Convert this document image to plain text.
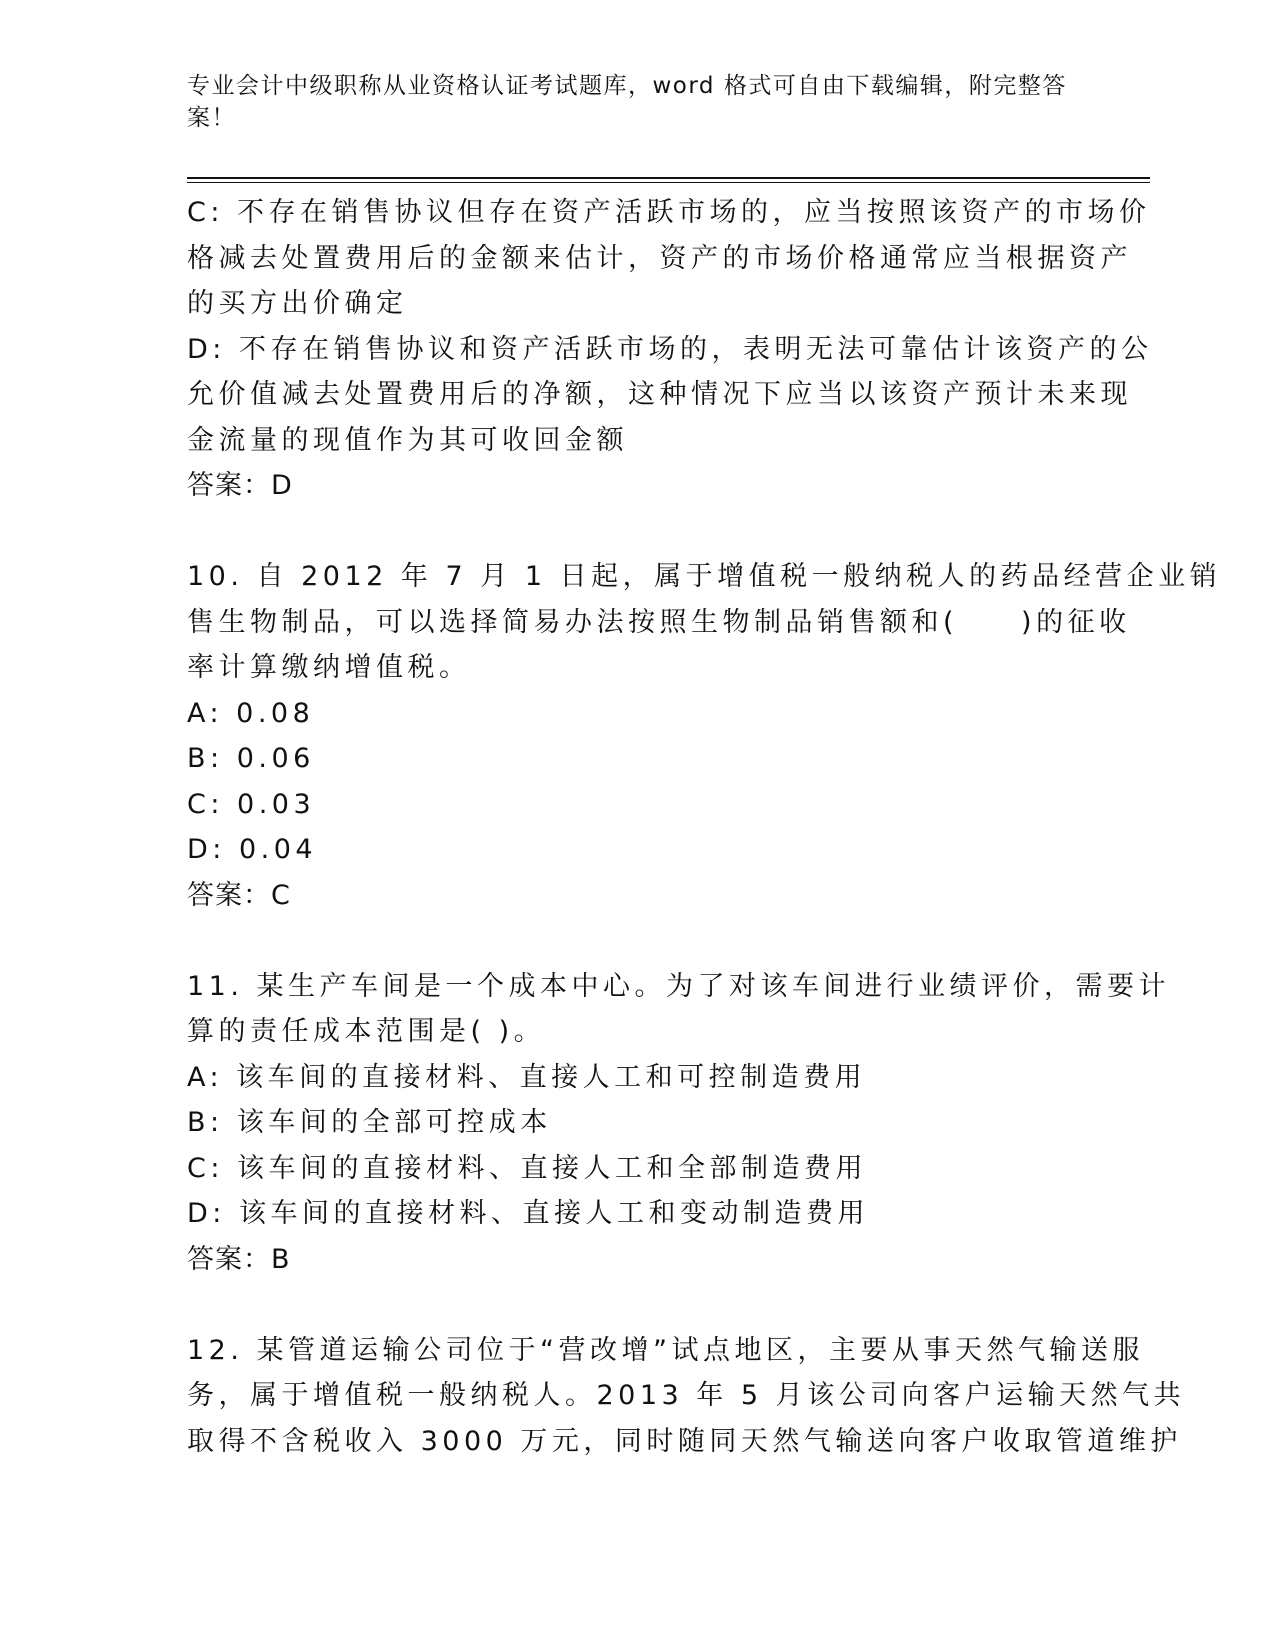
专业会计中级职称从业资格认证考试题库，word 格式可自由下载编辑，附完整答
案！
C: 不存在销售协议但存在资产活跃市场的，应当按照该资产的市场价
格减去处置费用后的金额来估计，资产的市场价格通常应当根据资产
的买方出价确定
D: 不存在销售协议和资产活跃市场的，表明无法可靠估计该资产的公
允价值减去处置费用后的净额，这种情况下应当以该资产预计未来现
金流量的现值作为其可收回金额
答案：D
10. 自 2012 年 7 月 1 日起，属于增值税一般纳税人的药品经营企业销
售生物制品，可以选择简易办法按照生物制品销售额和(　　)的征收
率计算缴纳增值税。
A: 0.08
B: 0.06
C: 0.03
D: 0.04
答案：C
11. 某生产车间是一个成本中心。为了对该车间进行业绩评价，需要计
算的责任成本范围是( )。
A: 该车间的直接材料、直接人工和可控制造费用
B: 该车间的全部可控成本
C: 该车间的直接材料、直接人工和全部制造费用
D: 该车间的直接材料、直接人工和变动制造费用
答案：B
12. 某管道运输公司位于“营改增”试点地区，主要从事天然气输送服
务，属于增值税一般纳税人。2013 年 5 月该公司向客户运输天然气共
取得不含税收入 3000 万元，同时随同天然气输送向客户收取管道维护
